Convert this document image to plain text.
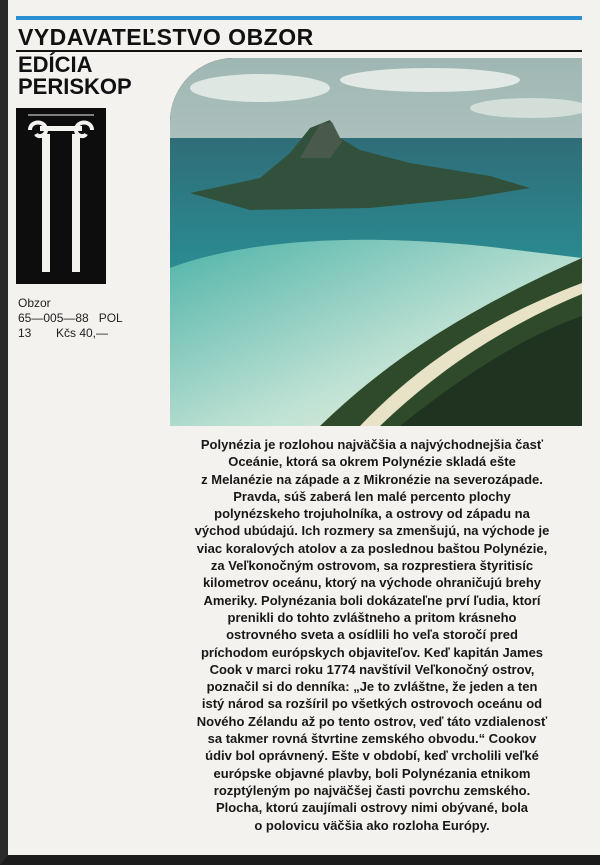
VYDAVATEĽSTVO OBZOR
EDÍCIA
PERISKOP
Obzor
65—005—88 POL
13	Kčs 40,—
Polynézia je rozlohou najväčšia a najvýchodnejšia časť
Oceánie, ktorá sa okrem Polynézie skladá ešte
z Melanézie na západe a z Mikronézie na severozápade.
Pravda, súš zaberá len malé percento plochy
polynézskeho trojuholníka, a ostrovy od západu na
východ ubúdajú. Ich rozmery sa zmenšujú, na východe je
viac koralových atolov a za poslednou baštou Polynézie,
za Veľkonočným ostrovom, sa rozprestiera štyritisíc
kilometrov oceánu, ktorý na východe ohraničujú brehy
Ameriky. Polynézania boli dokázateľne prví ľudia, ktorí
prenikli do tohto zvláštneho a pritom krásneho
ostrovného sveta a osídlili ho veľa storočí pred
príchodom európskych objaviteľov. Keď kapitán James
Cook v marci roku 1774 navštívil Veľkonočný ostrov,
poznačil si do denníka: „Je to zvláštne, že jeden a ten
istý národ sa rozšíril po všetkých ostrovoch oceánu od
Nového Zélandu až po tento ostrov, veď táto vzdialenosť
sa takmer rovná štvrtine zemského obvodu.“ Cookov
údiv bol oprávnený. Ešte v období, keď vrcholili veľké
európske objavné plavby, boli Polynézania etnikom
rozptýleným po najväčšej časti povrchu zemského.
Plocha, ktorú zaujímali ostrovy nimi obývané, bola
o polovicu väčšia ako rozloha Európy.
